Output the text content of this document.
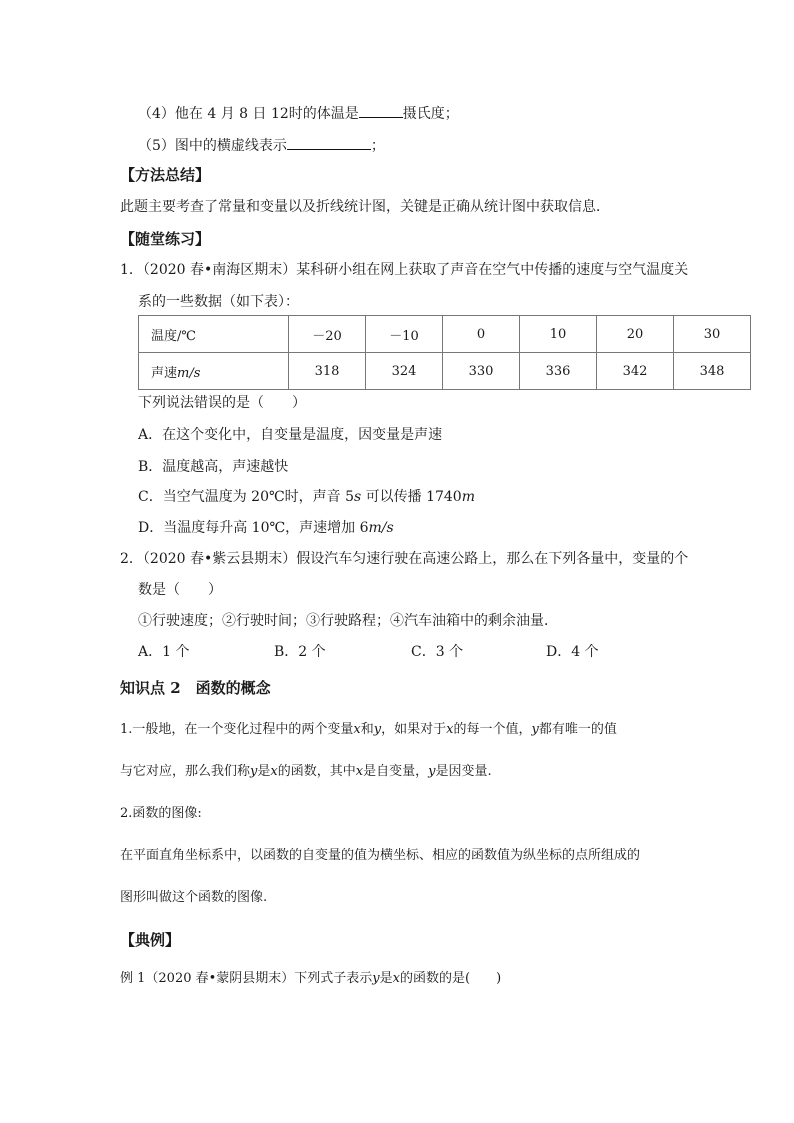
（4）他在 4 月 8 日 12时的体温是	摄氏度；
（5）图中的横虚线表示	；
【方法总结】
此题主要考查了常量和变量以及折线统计图，关键是正确从统计图中获取信息．
【随堂练习】
1．（2020 春•南海区期末）某科研小组在网上获取了声音在空气中传播的速度与空气温度关
系的一些数据（如下表）：
温度/℃	－20	－10	0	10	20	30
声速m/s	318	324	330	336	342	348
下列说法错误的是（　　）
A．在这个变化中，自变量是温度，因变量是声速
B．温度越高，声速越快
C．当空气温度为 20℃时，声音 5s 可以传播 1740m
D．当温度每升高 10℃，声速增加 6m/s
2．（2020 春•紫云县期末）假设汽车匀速行驶在高速公路上，那么在下列各量中，变量的个
数是（　　）
①行驶速度；②行驶时间；③行驶路程；④汽车油箱中的剩余油量．
A．1 个	B．2 个	C．3 个	D．4 个
知识点 2　函数的概念
1.一般地，在一个变化过程中的两个变量x和y，如果对于x的每一个值，y都有唯一的值
与它对应，那么我们称y是x的函数，其中x是自变量，y是因变量.
2.函数的图像:
在平面直角坐标系中，以函数的自变量的值为横坐标、相应的函数值为纵坐标的点所组成的
图形叫做这个函数的图像.
【典例】
例 1（2020 春•蒙阴县期末）下列式子表示y是x的函数的是(　　)
